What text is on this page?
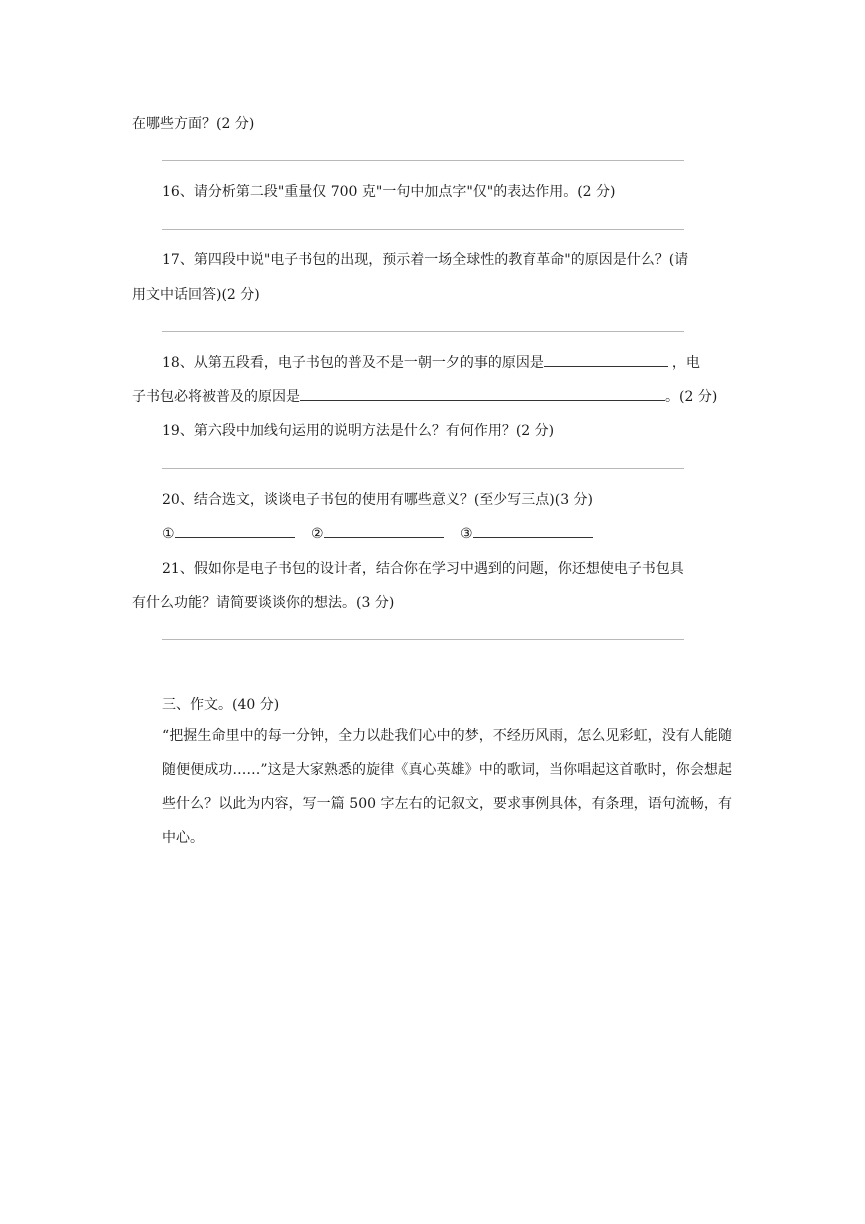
在哪些方面？(2 分)
16、请分析第二段"重量仅 700 克"一句中加点字"仅"的表达作用。(2 分)
17、第四段中说"电子书包的出现，预示着一场全球性的教育革命"的原因是什么？(请
用文中话回答)(2 分)
18、从第五段看，电子书包的普及不是一朝一夕的事的原因是	，电
子书包必将被普及的原因是	。(2 分)
19、第六段中加线句运用的说明方法是什么？有何作用？(2 分)
20、结合选文，谈谈电子书包的使用有哪些意义？(至少写三点)(3 分)
①	②	③
21、假如你是电子书包的设计者，结合你在学习中遇到的问题，你还想使电子书包具
有什么功能？请简要谈谈你的想法。(3 分)
三、作文。(40 分)

“把握生命里中的每一分钟，全力以赴我们心中的梦，不经历风雨，怎么见彩虹，没有人能随随便便成功……”这是大家熟悉的旋律《真心英雄》中的歌词，当你唱起这首歌时，你会想起些什么？以此为内容，写一篇 500 字左右的记叙文，要求事例具体，有条理，语句流畅，有中心。
